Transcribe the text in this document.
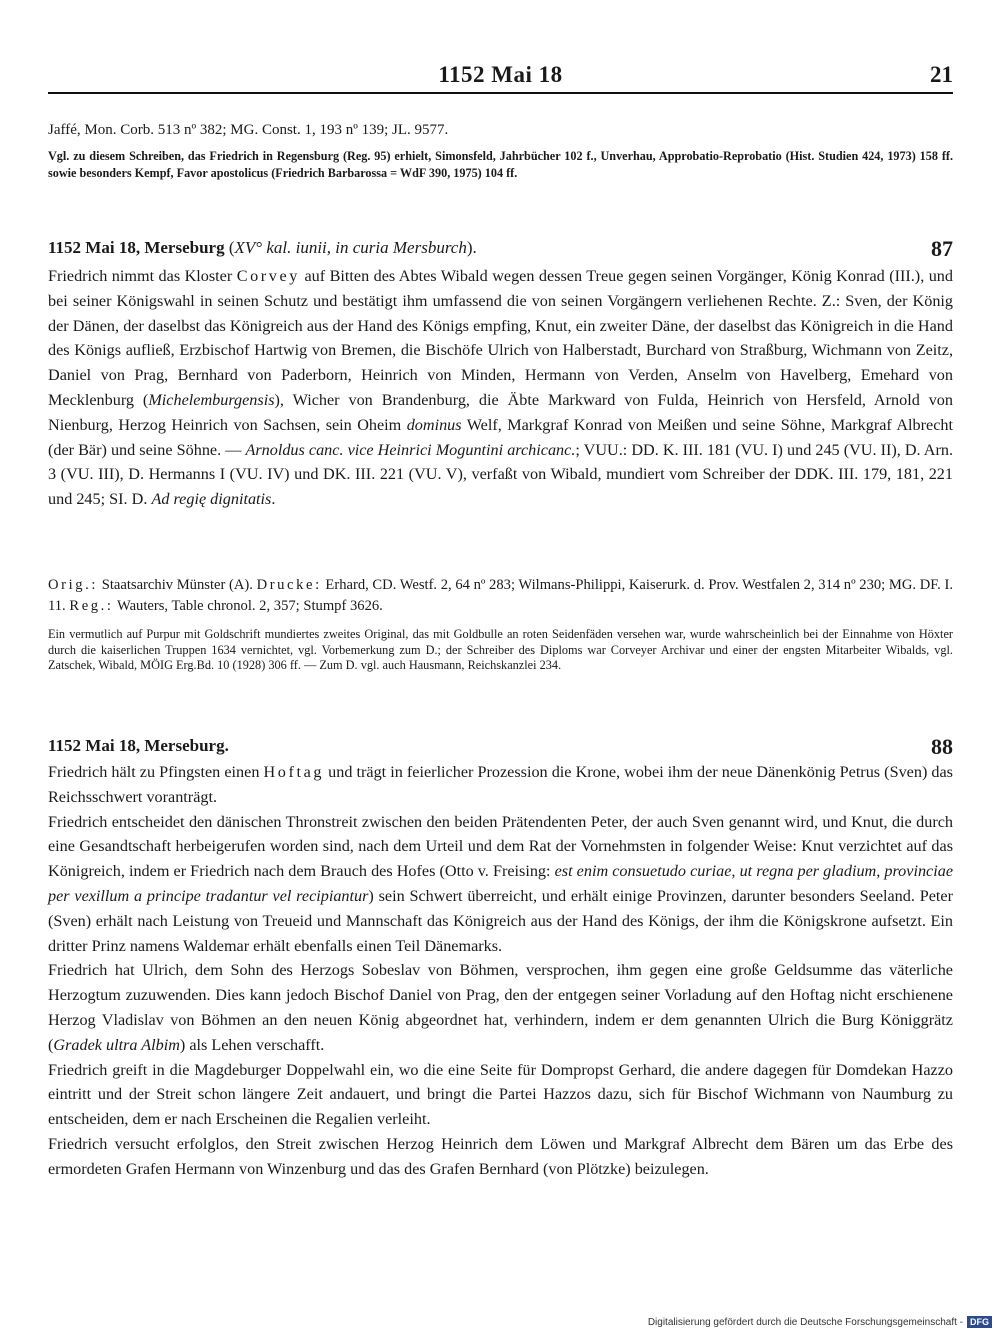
1152 Mai 18	21
Jaffé, Mon. Corb. 513 nº 382; MG. Const. 1, 193 nº 139; JL. 9577.
Vgl. zu diesem Schreiben, das Friedrich in Regensburg (Reg. 95) erhielt, Simonsfeld, Jahrbücher 102 f., Unverhau, Approbatio-Reprobatio (Hist. Studien 424, 1973) 158 ff. sowie besonders Kempf, Favor apostolicus (Friedrich Barbarossa = WdF 390, 1975) 104 ff.
1152 Mai 18, Merseburg (XV° kal. iunii, in curia Mersburch).	87

Friedrich nimmt das Kloster Corvey auf Bitten des Abtes Wibald wegen dessen Treue gegen seinen Vorgänger, König Konrad (III.), und bei seiner Königswahl in seinen Schutz und bestätigt ihm umfassend die von seinen Vorgängern verliehenen Rechte. Z.: Sven, der König der Dänen, der daselbst das Königreich aus der Hand des Königs empfing, Knut, ein zweiter Däne, der daselbst das Königreich in die Hand des Königs aufließ, Erzbischof Hartwig von Bremen, die Bischöfe Ulrich von Halberstadt, Burchard von Straßburg, Wichmann von Zeitz, Daniel von Prag, Bernhard von Paderborn, Heinrich von Minden, Hermann von Verden, Anselm von Havelberg, Emehard von Mecklenburg (Michelemburgensis), Wicher von Brandenburg, die Äbte Markward von Fulda, Heinrich von Hersfeld, Arnold von Nienburg, Herzog Heinrich von Sachsen, sein Oheim dominus Welf, Markgraf Konrad von Meißen und seine Söhne, Markgraf Albrecht (der Bär) und seine Söhne. — Arnoldus canc. vice Heinrici Moguntini archicanc.; VUU.: DD. K. III. 181 (VU. I) und 245 (VU. II), D. Arn. 3 (VU. III), D. Hermanns I (VU. IV) und DK. III. 221 (VU. V), verfaßt von Wibald, mundiert vom Schreiber der DDK. III. 179, 181, 221 und 245; SI. D. Ad regię dignitatis.

Orig.: Staatsarchiv Münster (A). Drucke: Erhard, CD. Westf. 2, 64 nº 283; Wilmans-Philippi, Kaiserurk. d. Prov. Westfalen 2, 314 nº 230; MG. DF. I. 11. Reg.: Wauters, Table chronol. 2, 357; Stumpf 3626.
Ein vermutlich auf Purpur mit Goldschrift mundiertes zweites Original, das mit Goldbulle an roten Seidenfäden versehen war, wurde wahrscheinlich bei der Einnahme von Höxter durch die kaiserlichen Truppen 1634 vernichtet, vgl. Vorbemerkung zum D.; der Schreiber des Diploms war Corveyer Archivar und einer der engsten Mitarbeiter Wibalds, vgl. Zatschek, Wibald, MÖIG Erg.Bd. 10 (1928) 306 ff. — Zum D. vgl. auch Hausmann, Reichskanzlei 234.
1152 Mai 18, Merseburg.	88

Friedrich hält zu Pfingsten einen Hoftag und trägt in feierlicher Prozession die Krone, wobei ihm der neue Dänenkönig Petrus (Sven) das Reichsschwert voranträgt.

Friedrich entscheidet den dänischen Thronstreit zwischen den beiden Prätendenten Peter, der auch Sven genannt wird, und Knut, die durch eine Gesandtschaft herbeigerufen worden sind, nach dem Urteil und dem Rat der Vornehmsten in folgender Weise: Knut verzichtet auf das Königreich, indem er Friedrich nach dem Brauch des Hofes (Otto v. Freising: est enim consuetudo curiae, ut regna per gladium, provinciae per vexillum a principe tradantur vel recipiantur) sein Schwert überreicht, und erhält einige Provinzen, darunter besonders Seeland. Peter (Sven) erhält nach Leistung von Treueid und Mannschaft das Königreich aus der Hand des Königs, der ihm die Königskrone aufsetzt. Ein dritter Prinz namens Waldemar erhält ebenfalls einen Teil Dänemarks.

Friedrich hat Ulrich, dem Sohn des Herzogs Sobeslav von Böhmen, versprochen, ihm gegen eine große Geldsumme das väterliche Herzogtum zuzuwenden. Dies kann jedoch Bischof Daniel von Prag, den der entgegen seiner Vorladung auf den Hoftag nicht erschienene Herzog Vladislav von Böhmen an den neuen König abgeordnet hat, verhindern, indem er dem genannten Ulrich die Burg Königgrätz (Gradek ultra Albim) als Lehen verschafft.

Friedrich greift in die Magdeburger Doppelwahl ein, wo die eine Seite für Dompropst Gerhard, die andere dagegen für Domdekan Hazzo eintritt und der Streit schon längere Zeit andauert, und bringt die Partei Hazzos dazu, sich für Bischof Wichmann von Naumburg zu entscheiden, dem er nach Erscheinen die Regalien verleiht.

Friedrich versucht erfolglos, den Streit zwischen Herzog Heinrich dem Löwen und Markgraf Albrecht dem Bären um das Erbe des ermordeten Grafen Hermann von Winzenburg und das des Grafen Bernhard (von Plötzke) beizulegen.

Digitalisierung gefördert durch die Deutsche Forschungsgemeinschaft - DFG
